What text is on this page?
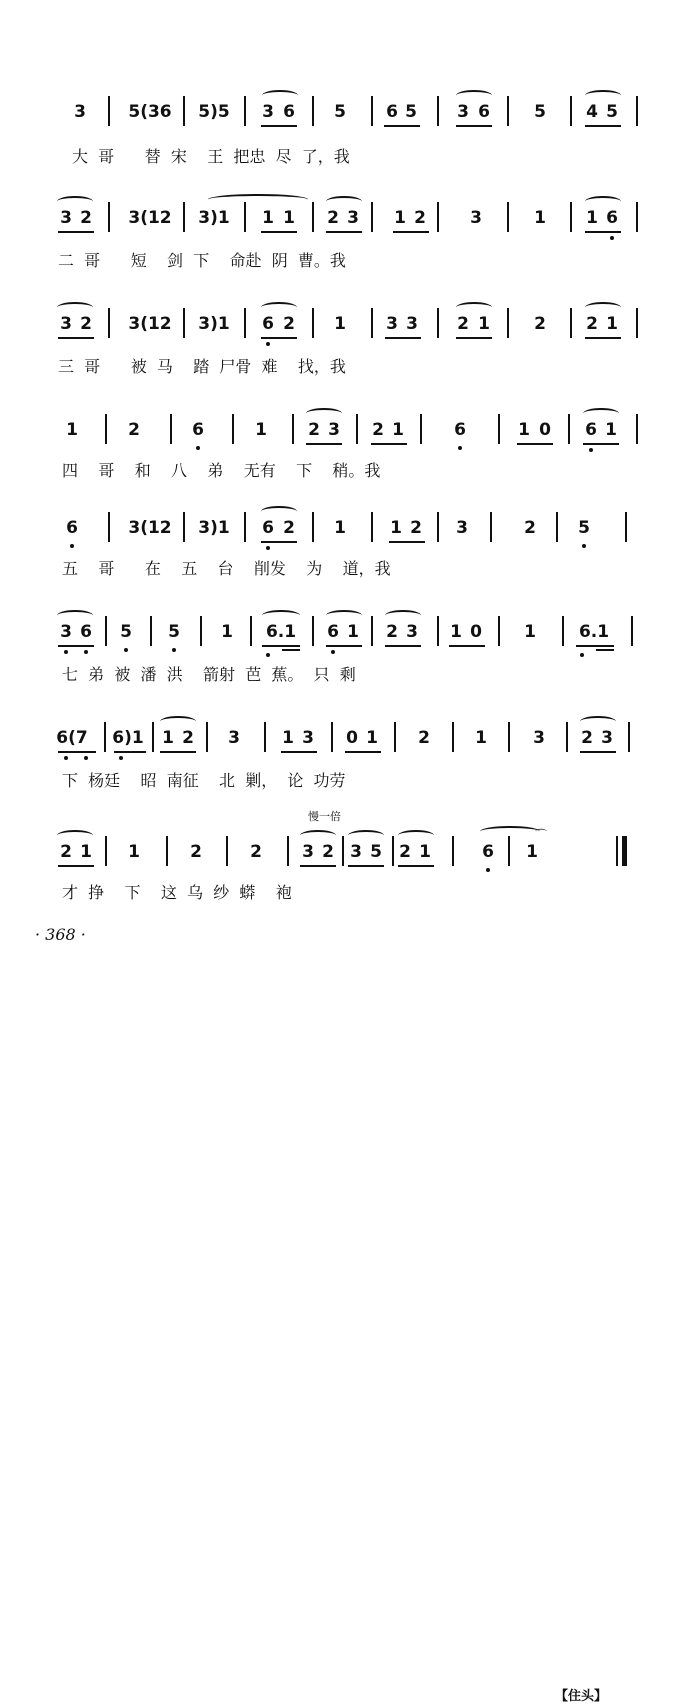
3 5(36 5)5 3 6 5 6 5 3 6	5 4 5
大  哥      替  宋    王  把忠  尽  了，我
3 2 3(12 3)1 1 1 2 3 1 2	3	1 1 6
二  哥      短    剑  下    命赴  阴  曹。我
3 2 3(12 3)1 6 2 1 3 3 2 1	2 2 1
三  哥      被  马    踏  尸骨  难    找，我
1	2	6	1 2 3 2 1	6	1 0 6 1
四    哥    和    八    弟    无有    下    稍。我
6	3(12 3)1 6 2 1	1 2 3	2 5
五    哥      在    五    台    削发    为    道，我
3 6 5 5 1 6.1 6 1 2 3 1 0 1	6.1
七  弟  被  潘  洪    箭射  芭  蕉。  只  剩
6(7 6)1 1 2 3 1 3 0 1 2	1	3 2 3
下  杨廷    昭  南征    北  剿，  论  功劳
慢一倍
2 1 1	2	2 3 2 3 5 2 1	6 1
⌒
【住头】
才  挣    下    这  乌  纱  蟒    袍
· 368 ·
